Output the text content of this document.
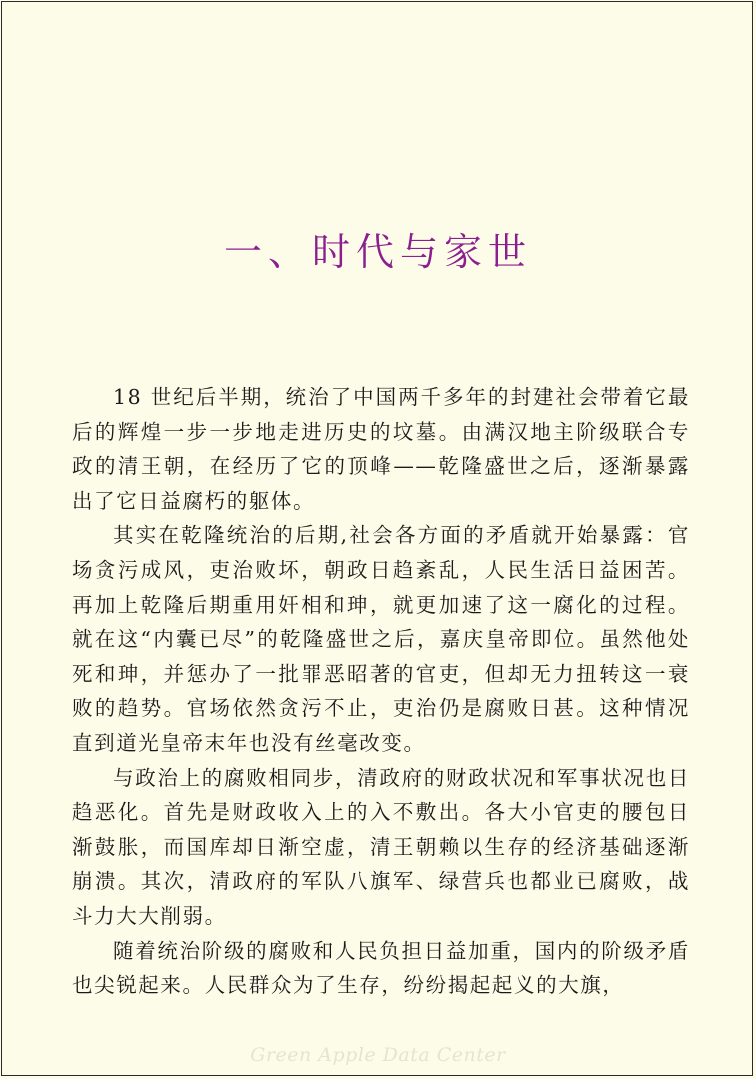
一、时代与家世

18 世纪后半期，统治了中国两千多年的封建社会带着它最后的辉煌一步一步地走进历史的坟墓。由满汉地主阶级联合专政的清王朝，在经历了它的顶峰——乾隆盛世之后，逐渐暴露出了它日益腐朽的躯体。

其实在乾隆统治的后期,社会各方面的矛盾就开始暴露：官场贪污成风，吏治败坏，朝政日趋紊乱，人民生活日益困苦。再加上乾隆后期重用奸相和珅，就更加速了这一腐化的过程。就在这“内囊已尽”的乾隆盛世之后，嘉庆皇帝即位。虽然他处死和珅，并惩办了一批罪恶昭著的官吏，但却无力扭转这一衰败的趋势。官场依然贪污不止，吏治仍是腐败日甚。这种情况直到道光皇帝末年也没有丝毫改变。

与政治上的腐败相同步，清政府的财政状况和军事状况也日趋恶化。首先是财政收入上的入不敷出。各大小官吏的腰包日渐鼓胀，而国库却日渐空虚，清王朝赖以生存的经济基础逐渐崩溃。其次，清政府的军队八旗军、绿营兵也都业已腐败，战斗力大大削弱。

随着统治阶级的腐败和人民负担日益加重，国内的阶级矛盾也尖锐起来。人民群众为了生存，纷纷揭起起义的大旗，

Green Apple Data Center
